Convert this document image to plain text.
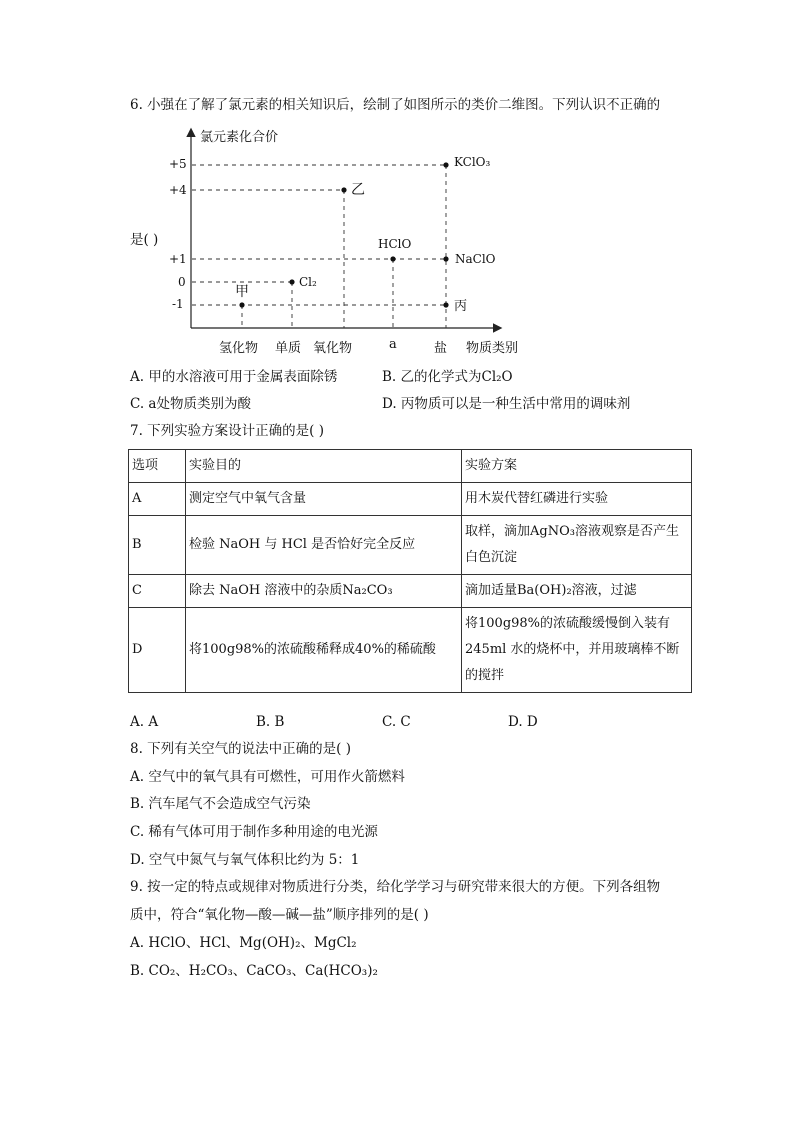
6. 小强在了解了氯元素的相关知识后，绘制了如图所示的类价二维图。下列认识不正确的
是( )
氯元素化合价
物质类别
+5
+4
+1
0
-1
氢化物 单质 氧化物	a	盐
KClO₃
乙
HClO
NaClO
Cl₂
甲
丙
A. 甲的水溶液可用于金属表面除锈	B. 乙的化学式为Cl₂O
C. a处物质类别为酸	D. 丙物质可以是一种生活中常用的调味剂
7. 下列实验方案设计正确的是( )
选项	实验目的	实验方案
A	测定空气中氧气含量	用木炭代替红磷进行实验
B	检验 NaOH 与 HCl 是否恰好完全反应	取样，滴加AgNO₃溶液观察是否产生白色沉淀
C	除去 NaOH 溶液中的杂质Na₂CO₃	滴加适量Ba(OH)₂溶液，过滤
D	将100g98%的浓硫酸稀释成40%的稀硫酸	将100g98%的浓硫酸缓慢倒入装有245ml 水的烧杯中，并用玻璃棒不断的搅拌
A. A	B. B	C. C	D. D
8. 下列有关空气的说法中正确的是( )
A. 空气中的氧气具有可燃性，可用作火箭燃料
B. 汽车尾气不会造成空气污染
C. 稀有气体可用于制作多种用途的电光源
D. 空气中氮气与氧气体积比约为 5：1
9. 按一定的特点或规律对物质进行分类，给化学学习与研究带来很大的方便。下列各组物
质中，符合“氧化物—酸—碱—盐”顺序排列的是( )
A. HClO、HCl、Mg(OH)₂、MgCl₂
B. CO₂、H₂CO₃、CaCO₃、Ca(HCO₃)₂
